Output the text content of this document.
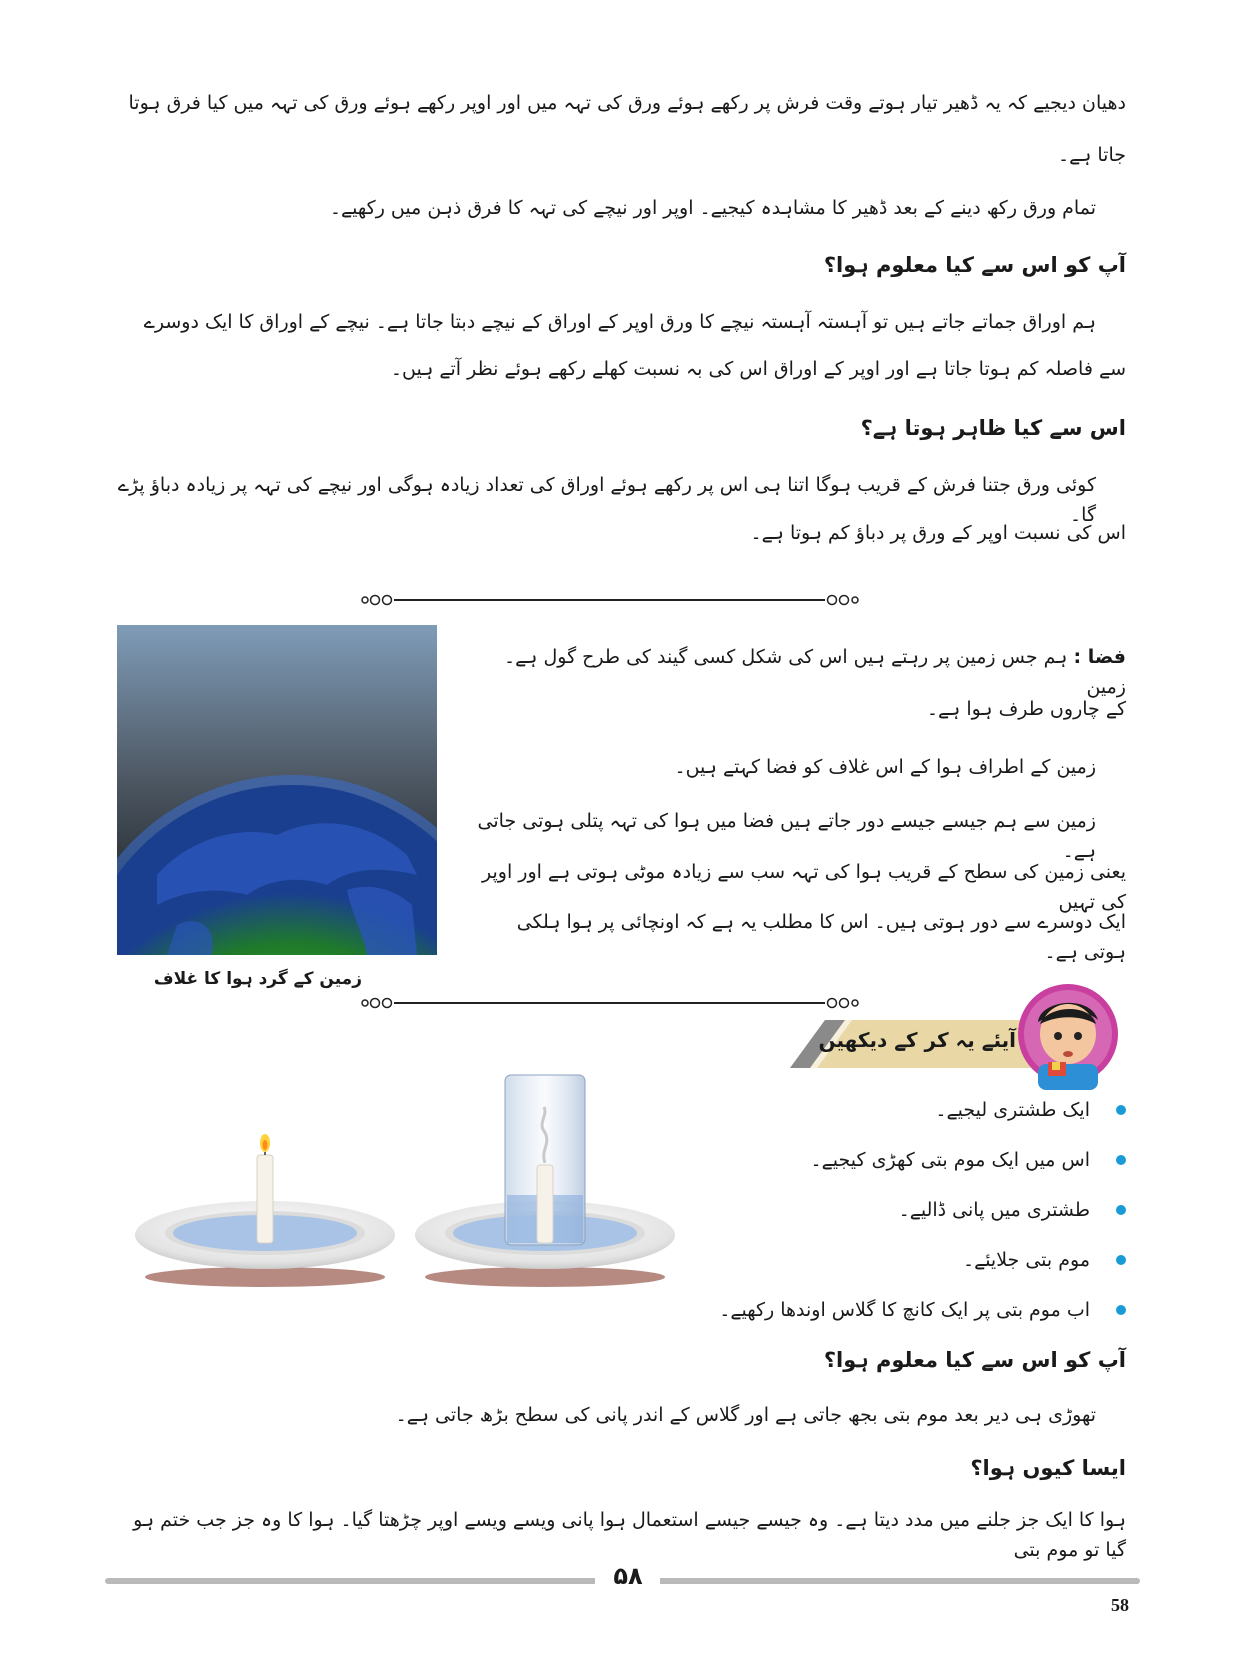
دھیان دیجیے کہ یہ ڈھیر تیار ہوتے وقت فرش پر رکھے ہوئے ورق کی تہہ میں اور اوپر رکھے ہوئے ورق کی تہہ میں کیا فرق ہوتا
جاتا ہے۔
تمام ورق رکھ دینے کے بعد ڈھیر کا مشاہدہ کیجیے۔ اوپر اور نیچے کی تہہ کا فرق ذہن میں رکھیے۔
آپ کو اس سے کیا معلوم ہوا؟
ہم اوراق جماتے جاتے ہیں تو آہستہ آہستہ نیچے کا ورق اوپر کے اوراق کے نیچے دبتا جاتا ہے۔ نیچے کے اوراق کا ایک دوسرے
سے فاصلہ کم ہوتا جاتا ہے اور اوپر کے اوراق اس کی بہ نسبت کھلے رکھے ہوئے نظر آتے ہیں۔
اس سے کیا ظاہر ہوتا ہے؟
کوئی ورق جتنا فرش کے قریب ہوگا اتنا ہی اس پر رکھے ہوئے اوراق کی تعداد زیادہ ہوگی اور نیچے کی تہہ پر زیادہ دباؤ پڑے گا۔
اس کی نسبت اوپر کے ورق پر دباؤ کم ہوتا ہے۔
زمین کے گرد ہوا کا غلاف
فضا : ہم جس زمین پر رہتے ہیں اس کی شکل کسی گیند کی طرح گول ہے۔ زمین
کے چاروں طرف ہوا ہے۔
زمین کے اطراف ہوا کے اس غلاف کو فضا کہتے ہیں۔
زمین سے ہم جیسے جیسے دور جاتے ہیں فضا میں ہوا کی تہہ پتلی ہوتی جاتی ہے۔
یعنی زمین کی سطح کے قریب ہوا کی تہہ سب سے زیادہ موٹی ہوتی ہے اور اوپر کی تہیں
ایک دوسرے سے دور ہوتی ہیں۔ اس کا مطلب یہ ہے کہ اونچائی پر ہوا ہلکی ہوتی ہے۔
آیئے یہ کر کے دیکھیں
ایک طشتری لیجیے۔
اس میں ایک موم بتی کھڑی کیجیے۔
طشتری میں پانی ڈالیے۔
موم بتی جلایئے۔
اب موم بتی پر ایک کانچ کا گلاس اوندھا رکھیے۔
آپ کو اس سے کیا معلوم ہوا؟
تھوڑی ہی دیر بعد موم بتی بجھ جاتی ہے اور گلاس کے اندر پانی کی سطح بڑھ جاتی ہے۔
ایسا کیوں ہوا؟
ہوا کا ایک جز جلنے میں مدد دیتا ہے۔ وہ جیسے جیسے استعمال ہوا پانی ویسے ویسے اوپر چڑھتا گیا۔ ہوا کا وہ جز جب ختم ہو گیا تو موم بتی
۵۸
58
